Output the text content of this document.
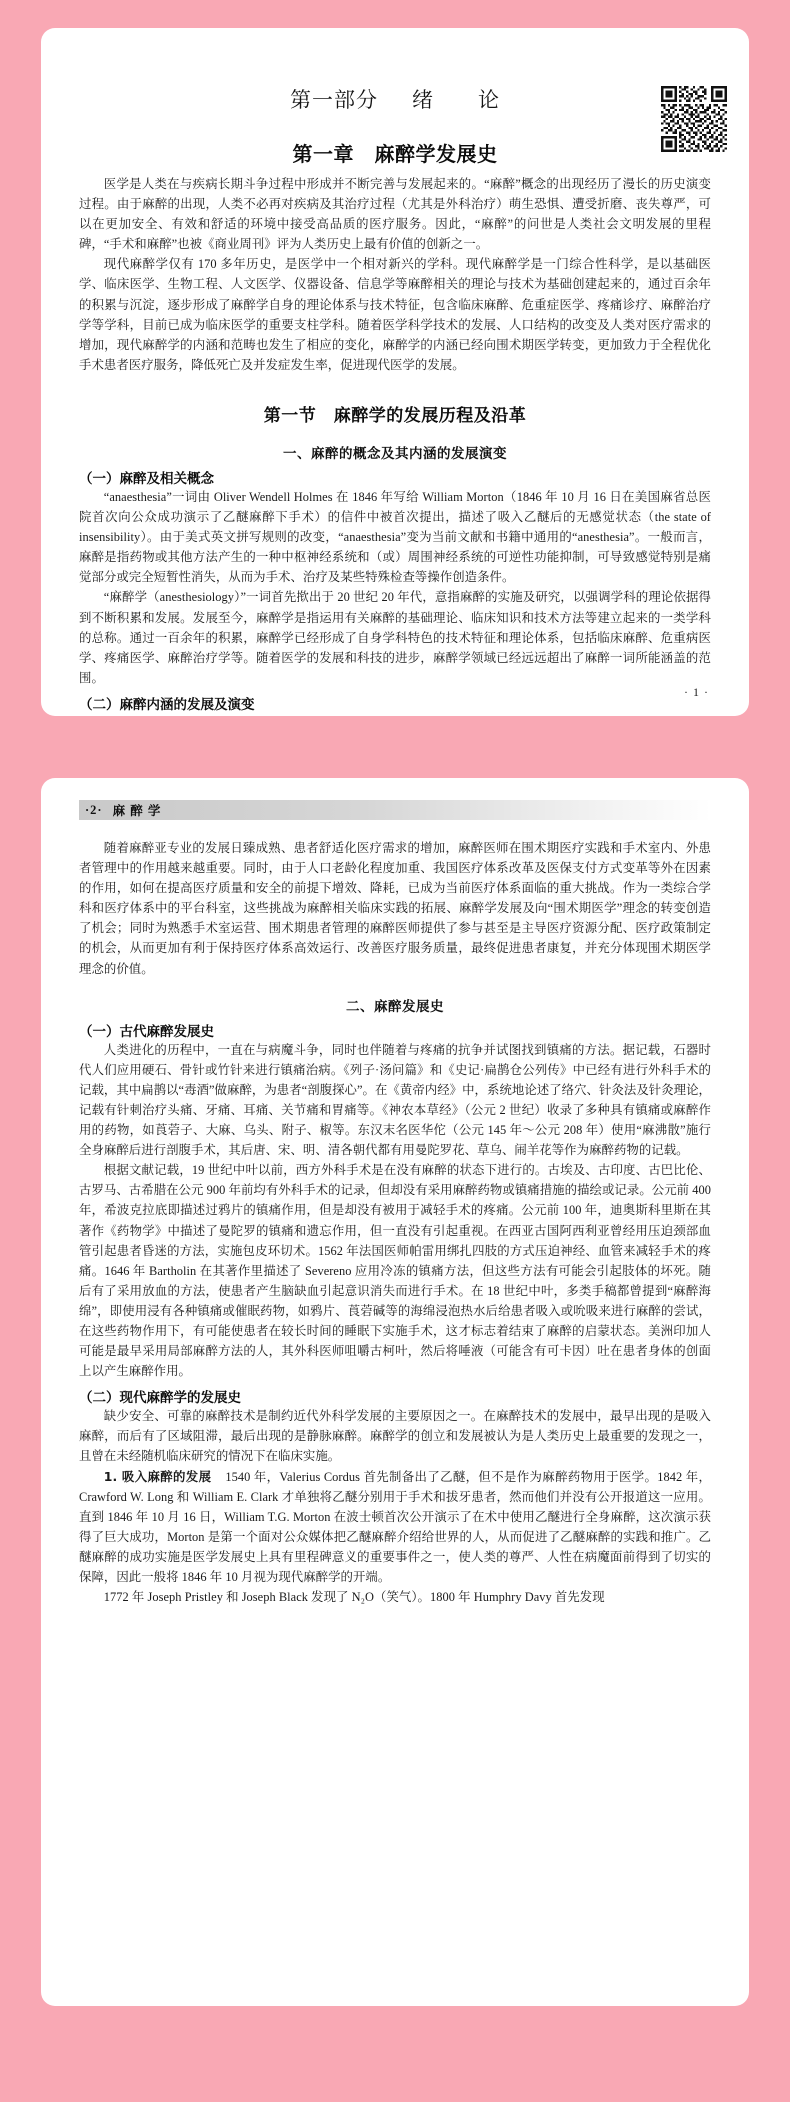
第一部分 绪　　论
第一章　麻醉学发展史

医学是人类在与疾病长期斗争过程中形成并不断完善与发展起来的。“麻醉”概念的出现经历了漫长的历史演变过程。由于麻醉的出现，人类不必再对疾病及其治疗过程（尤其是外科治疗）萌生恐惧、遭受折磨、丧失尊严，可以在更加安全、有效和舒适的环境中接受高品质的医疗服务。因此，“麻醉”的问世是人类社会文明发展的里程碑，“手术和麻醉”也被《商业周刊》评为人类历史上最有价值的创新之一。

现代麻醉学仅有 170 多年历史，是医学中一个相对新兴的学科。现代麻醉学是一门综合性科学，是以基础医学、临床医学、生物工程、人文医学、仪器设备、信息学等麻醉相关的理论与技术为基础创建起来的，通过百余年的积累与沉淀，逐步形成了麻醉学自身的理论体系与技术特征，包含临床麻醉、危重症医学、疼痛诊疗、麻醉治疗学等学科，目前已成为临床医学的重要支柱学科。随着医学科学技术的发展、人口结构的改变及人类对医疗需求的增加，现代麻醉学的内涵和范畴也发生了相应的变化，麻醉学的内涵已经向围术期医学转变，更加致力于全程优化手术患者医疗服务，降低死亡及并发症发生率，促进现代医学的发展。

第一节　麻醉学的发展历程及沿革
一、麻醉的概念及其内涵的发展演变
（一）麻醉及相关概念

“anaesthesia”一词由 Oliver Wendell Holmes 在 1846 年写给 William Morton（1846 年 10 月 16 日在美国麻省总医院首次向公众成功演示了乙醚麻醉下手术）的信件中被首次提出，描述了吸入乙醚后的无感觉状态（the state of insensibility）。由于美式英文拼写规则的改变，“anaesthesia”变为当前文献和书籍中通用的“anesthesia”。一般而言，麻醉是指药物或其他方法产生的一种中枢神经系统和（或）周围神经系统的可逆性功能抑制，可导致感觉特别是痛觉部分或完全短暂性消失，从而为手术、治疗及某些特殊检查等操作创造条件。

“麻醉学（anesthesiology）”一词首先揿出于 20 世纪 20 年代，意指麻醉的实施及研究，以强调学科的理论依据得到不断积累和发展。发展至今，麻醉学是指运用有关麻醉的基础理论、临床知识和技术方法等建立起来的一类学科的总称。通过一百余年的积累，麻醉学已经形成了自身学科特色的技术特征和理论体系，包括临床麻醉、危重病医学、疼痛医学、麻醉治疗学等。随着医学的发展和科技的进步，麻醉学领域已经远远超出了麻醉一词所能涵盖的范围。

（二）麻醉内涵的发展及演变

· 1 ·
·2· 麻 醉 学

随着麻醉亚专业的发展日臻成熟、患者舒适化医疗需求的增加，麻醉医师在围术期医疗实践和手术室内、外患者管理中的作用越来越重要。同时，由于人口老龄化程度加重、我国医疗体系改革及医保支付方式变革等外在因素的作用，如何在提高医疗质量和安全的前提下增效、降耗，已成为当前医疗体系面临的重大挑战。作为一类综合学科和医疗体系中的平台科室，这些挑战为麻醉相关临床实践的拓展、麻醉学发展及向“围术期医学”理念的转变创造了机会；同时为熟悉手术室运营、围术期患者管理的麻醉医师提供了参与甚至是主导医疗资源分配、医疗政策制定的机会，从而更加有利于保持医疗体系高效运行、改善医疗服务质量，最终促进患者康复，并充分体现围术期医学理念的价值。

二、麻醉发展史
（一）古代麻醉发展史

人类进化的历程中，一直在与病魔斗争，同时也伴随着与疼痛的抗争并试图找到镇痛的方法。据记载，石器时代人们应用硬石、骨针或竹针来进行镇痛治病。《列子·汤问篇》和《史记·扁鹊仓公列传》中已经有进行外科手术的记载，其中扁鹊以“毒酒”做麻醉，为患者“剖腹探心”。在《黄帝内经》中，系统地论述了络穴、针灸法及针灸理论，记载有针刺治疗头痛、牙痛、耳痛、关节痛和胃痛等。《神农本草经》（公元 2 世纪）收录了多种具有镇痛或麻醉作用的药物，如莨菪子、大麻、乌头、附子、椒等。东汉末名医华佗（公元 145 年～公元 208 年）使用“麻沸散”施行全身麻醉后进行剖腹手术，其后唐、宋、明、清各朝代都有用曼陀罗花、草乌、闹羊花等作为麻醉药物的记载。

根据文献记载，19 世纪中叶以前，西方外科手术是在没有麻醉的状态下进行的。古埃及、古印度、古巴比伦、古罗马、古希腊在公元 900 年前均有外科手术的记录，但却没有采用麻醉药物或镇痛措施的描绘或记录。公元前 400 年，希波克拉底即描述过鸦片的镇痛作用，但是却没有被用于减轻手术的疼痛。公元前 100 年，迪奥斯科里斯在其著作《药物学》中描述了曼陀罗的镇痛和遗忘作用，但一直没有引起重视。在西亚古国阿西利亚曾经用压迫颈部血管引起患者昏迷的方法，实施包皮环切术。1562 年法国医师帕雷用绑扎四肢的方式压迫神经、血管来减轻手术的疼痛。1646 年 Bartholin 在其著作里描述了 Severeno 应用冷冻的镇痛方法，但这些方法有可能会引起肢体的坏死。随后有了采用放血的方法，使患者产生脑缺血引起意识消失而进行手术。在 18 世纪中叶，多类手稿都曾提到“麻醉海绵”，即使用浸有各种镇痛或催眠药物，如鸦片、莨菪碱等的海绵浸泡热水后给患者吸入或吮吸来进行麻醉的尝试，在这些药物作用下，有可能使患者在较长时间的睡眠下实施手术，这才标志着结束了麻醉的启蒙状态。美洲印加人可能是最早采用局部麻醉方法的人，其外科医师咀嚼古柯叶，然后将唾液（可能含有可卡因）吐在患者身体的创面上以产生麻醉作用。

（二）现代麻醉学的发展史

缺少安全、可靠的麻醉技术是制约近代外科学发展的主要原因之一。在麻醉技术的发展中，最早出现的是吸入麻醉，而后有了区域阻滞，最后出现的是静脉麻醉。麻醉学的创立和发展被认为是人类历史上最重要的发现之一，且曾在未经随机临床研究的情况下在临床实施。

1. 吸入麻醉的发展 1540 年，Valerius Cordus 首先制备出了乙醚，但不是作为麻醉药物用于医学。1842 年，Crawford W. Long 和 William E. Clark 才单独将乙醚分别用于手术和拔牙患者，然而他们并没有公开报道这一应用。直到 1846 年 10 月 16 日，William T.G. Morton 在波士顿首次公开演示了在术中使用乙醚进行全身麻醉，这次演示获得了巨大成功，Morton 是第一个面对公众媒体把乙醚麻醉介绍给世界的人，从而促进了乙醚麻醉的实践和推广。乙醚麻醉的成功实施是医学发展史上具有里程碑意义的重要事件之一，使人类的尊严、人性在病魔面前得到了切实的保障，因此一般将 1846 年 10 月视为现代麻醉学的开端。

1772 年 Joseph Pristley 和 Joseph Black 发现了 N₂O（笑气）。1800 年 Humphry Davy 首先发现
